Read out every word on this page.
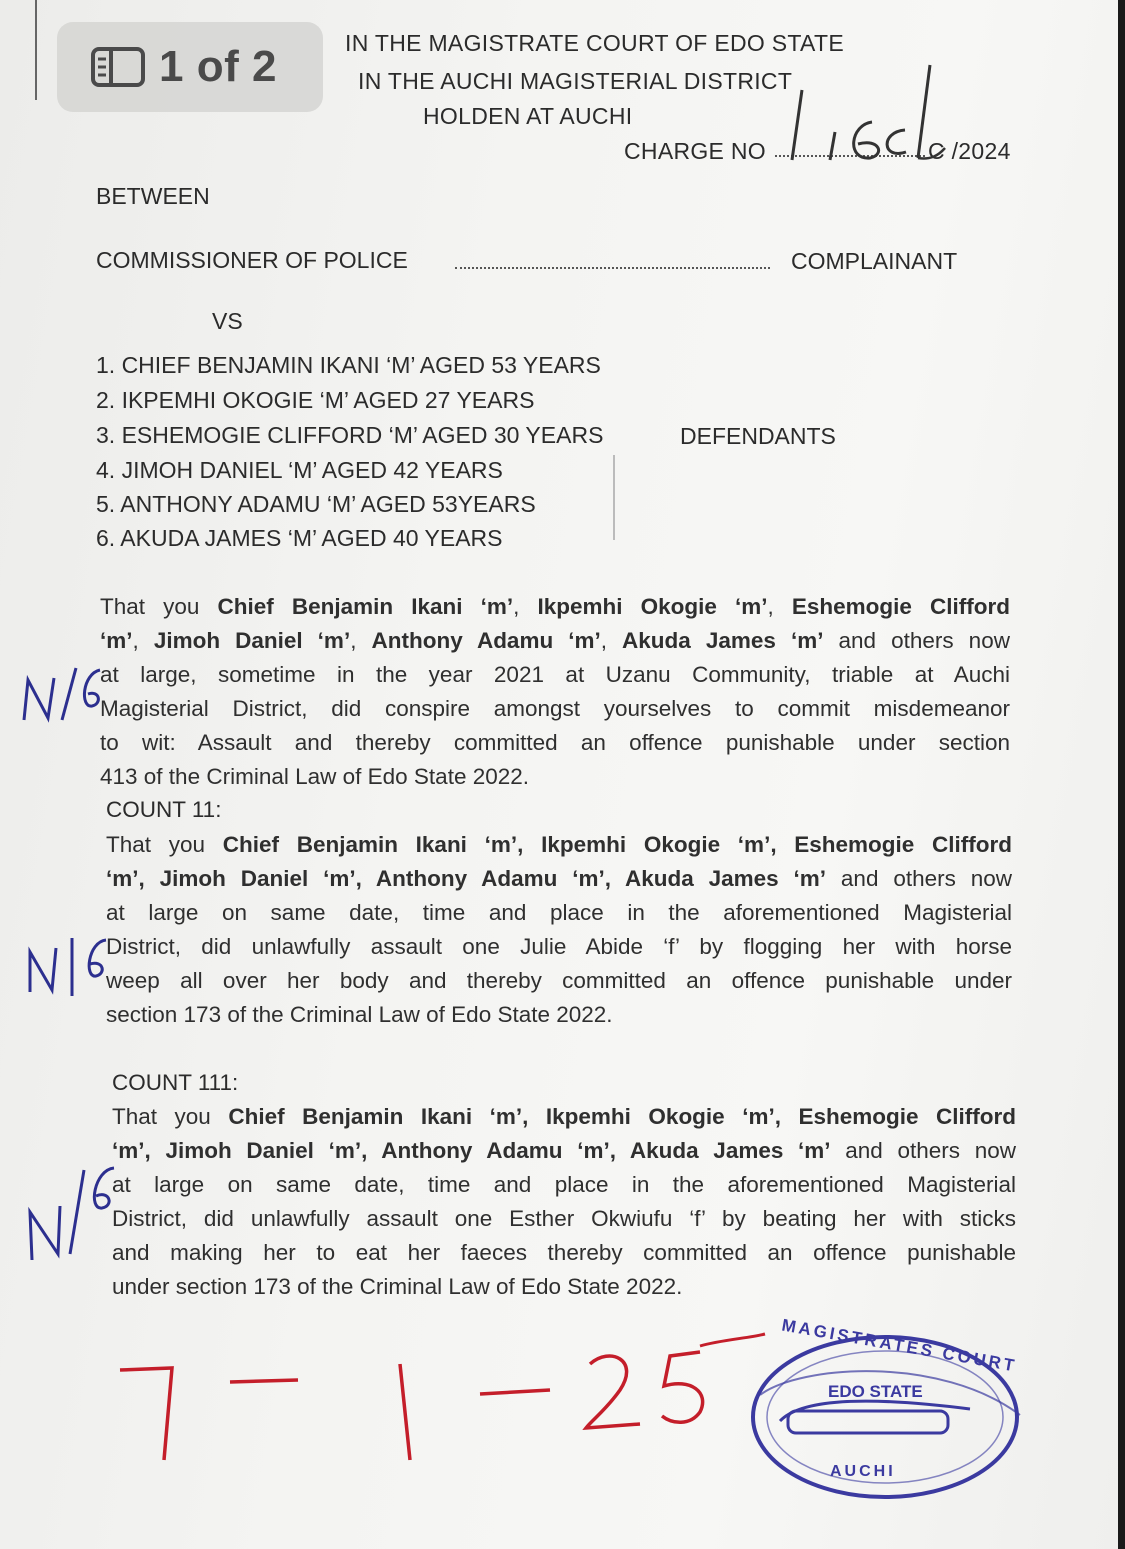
1 of 2	IN THE MAGISTRATE COURT OF EDO STATE
IN THE AUCHI MAGISTERIAL DISTRICT
HOLDEN AT AUCHI
CHARGE NO	C /2024
BETWEEN
COMMISSIONER OF POLICE	COMPLAINANT
VS
1. CHIEF BENJAMIN IKANI ‘M’ AGED 53 YEARS
2. IKPEMHI OKOGIE ‘M’ AGED 27 YEARS
3. ESHEMOGIE CLIFFORD ‘M’ AGED 30 YEARS
4. JIMOH DANIEL ‘M’ AGED 42 YEARS
5. ANTHONY ADAMU ‘M’ AGED 53YEARS
6. AKUDA JAMES ‘M’ AGED 40 YEARS
DEFENDANTS
That you Chief Benjamin Ikani ‘m’, Ikpemhi Okogie ‘m’, Eshemogie Clifford
‘m’, Jimoh Daniel ‘m’, Anthony Adamu ‘m’, Akuda James ‘m’ and others now
at large, sometime in the year 2021 at Uzanu Community, triable at Auchi
Magisterial District, did conspire amongst yourselves to commit misdemeanor
to wit: Assault and thereby committed an offence punishable under section
413 of the Criminal Law of Edo State 2022.
COUNT 11:
That you Chief Benjamin Ikani ‘m’, Ikpemhi Okogie ‘m’, Eshemogie Clifford
‘m’, Jimoh Daniel ‘m’, Anthony Adamu ‘m’, Akuda James ‘m’ and others now
at large on same date, time and place in the aforementioned Magisterial
District, did unlawfully assault one Julie Abide ‘f’ by flogging her with horse
weep all over her body and thereby committed an offence punishable under
section 173 of the Criminal Law of Edo State 2022.
COUNT 111:
That you Chief Benjamin Ikani ‘m’, Ikpemhi Okogie ‘m’, Eshemogie Clifford
‘m’, Jimoh Daniel ‘m’, Anthony Adamu ‘m’, Akuda James ‘m’ and others now
at large on same date, time and place in the aforementioned Magisterial
District, did unlawfully assault one Esther Okwiufu ‘f’ by beating her with sticks
and making her to eat her faeces thereby committed an offence punishable
under section 173 of the Criminal Law of Edo State 2022.
MAGISTRATES COURT
EDO STATE
AUCHI
